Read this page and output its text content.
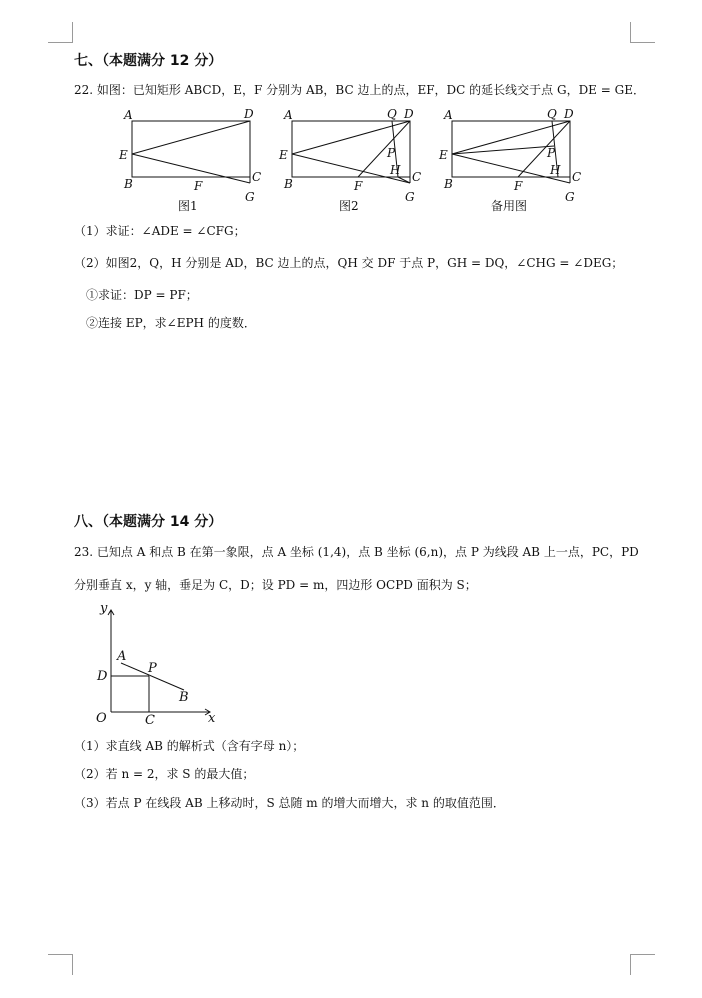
七、（本题满分 12 分）
22. 如图：已知矩形 ABCD，E，F 分别为 AB，BC 边上的点，EF，DC 的延长线交于点 G，DE = GE．
A	D
E
B	F
C
G
A	Q D
E	P
H
B	F
C
G
A	Q D
E	P
H
B	F
C
G
图1	图2	备用图
（1）求证：∠ADE = ∠CFG；
（2）如图2，Q，H 分别是 AD，BC 边上的点，QH 交 DF 于点 P，GH = DQ，∠CHG = ∠DEG；
①求证：DP = PF；
②连接 EP，求∠EPH 的度数．
八、（本题满分 14 分）
23. 已知点 A 和点 B 在第一象限，点 A 坐标 (1,4)，点 B 坐标 (6,n)，点 P 为线段 AB 上一点，PC，PD
分别垂直 x，y 轴，垂足为 C，D；设 PD = m，四边形 OCPD 面积为 S；
y
x
O	C
D
A
P
B
（1）求直线 AB 的解析式（含有字母 n）；
（2）若 n = 2，求 S 的最大值；
（3）若点 P 在线段 AB 上移动时，S 总随 m 的增大而增大，求 n 的取值范围．
